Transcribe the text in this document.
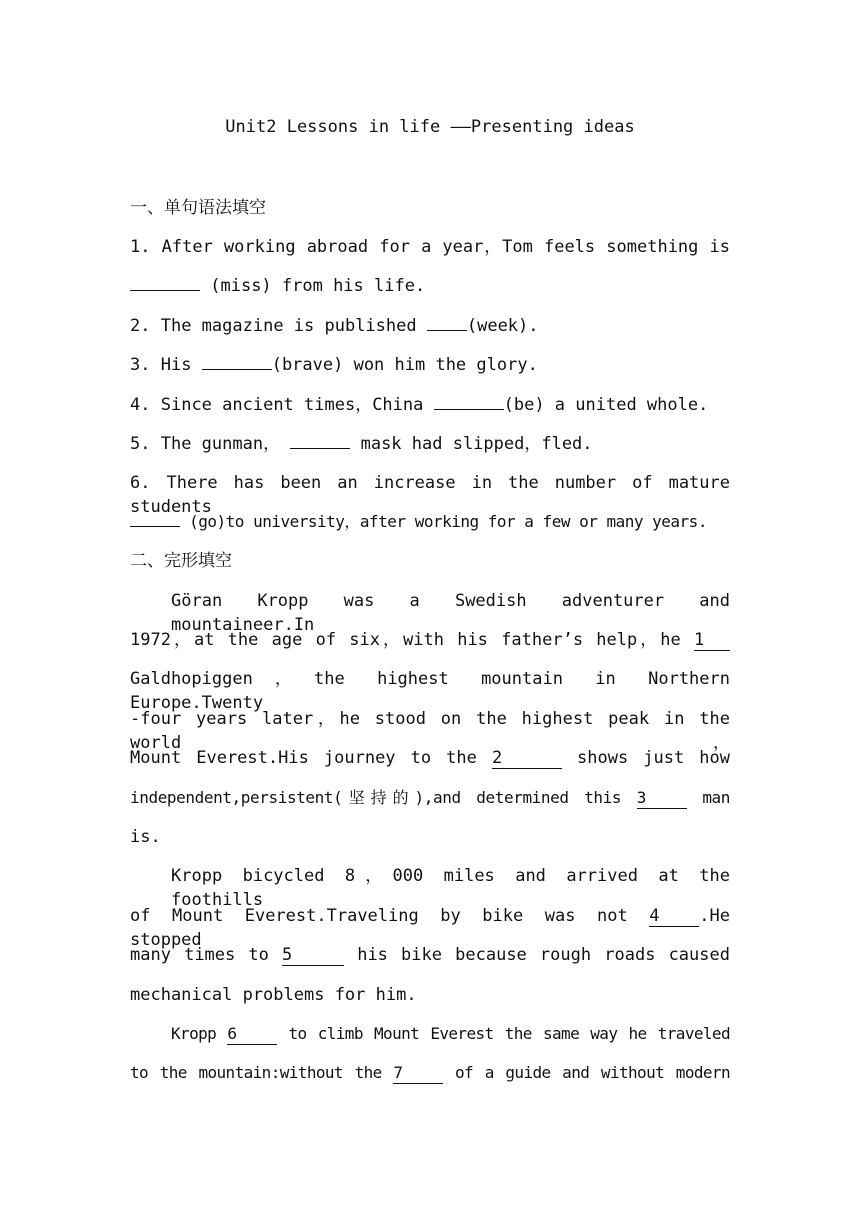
Unit2 Lessons in life ——Presenting ideas
一、单句语法填空
1. After working abroad for a year，Tom feels something is
(miss) from his life.
2. The magazine is published	(week).
3. His	(brave) won him the glory.
4. Since ancient times，China	(be) a united whole.
5. The gunman，	mask had slipped，fled.
6. There has been an increase in the number of mature students
(go)to university，after working for a few or many years.
二、完形填空
Göran Kropp was a Swedish adventurer and mountaineer.In
1972，at the age of six，with his father’s help，he 1
Galdhopiggen，the highest mountain in Northern Europe.Twenty
-four years later，he stood on the highest peak in the world，
Mount Everest.His journey to the 2	shows just how
independent,persistent(坚持的),and determined this 3	man
is.
Kropp bicycled 8，000 miles and arrived at the foothills
of Mount Everest.Traveling by bike was not 4 .He stopped
many times to 5	his bike because rough roads caused
mechanical problems for him.
Kropp 6	to climb Mount Everest the same way he traveled
to the mountain:without the 7	of a guide and without modern
